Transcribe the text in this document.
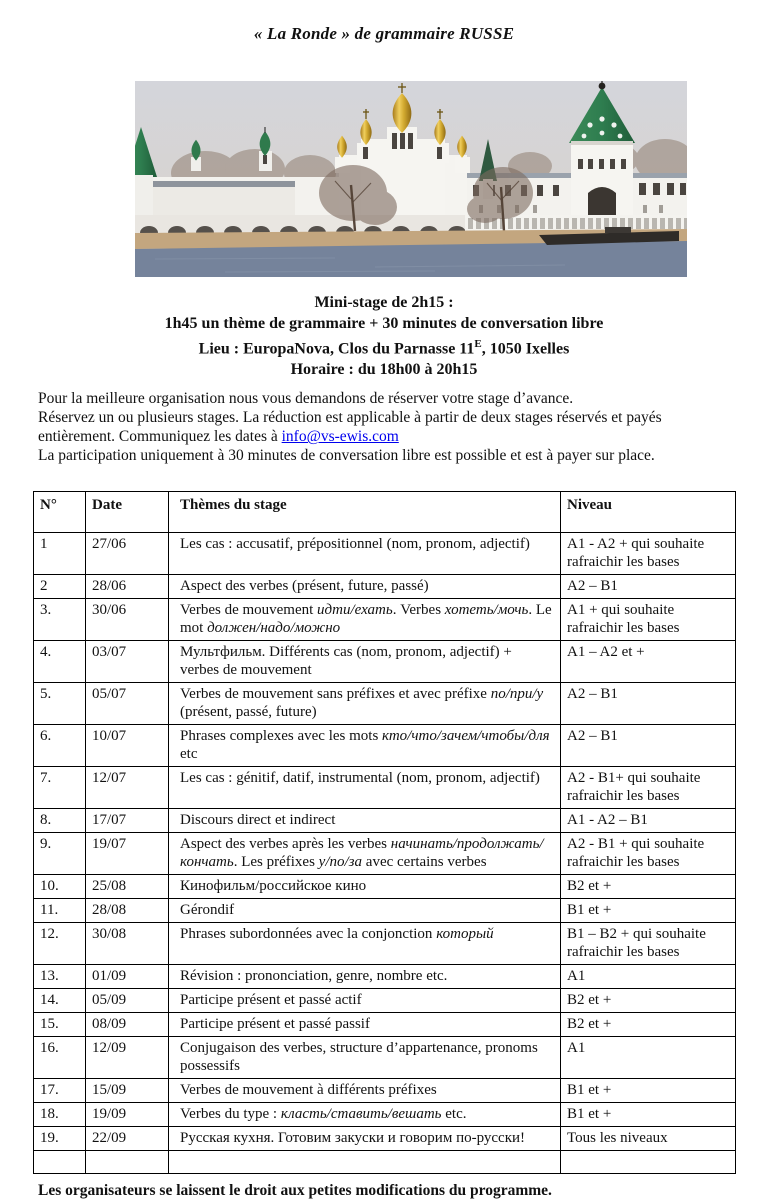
« La Ronde » de grammaire RUSSE
Mini-stage de 2h15 :
1h45 un thème de grammaire + 30 minutes de conversation libre
Lieu : EuropaNova, Clos du Parnasse $11^E$, 1050 Ixelles
Horaire : du 18h00 à 20h15
Pour la meilleure organisation nous vous demandons de réserver votre stage d’avance.
Réservez un ou plusieurs stages. La réduction est applicable à partir de deux stages réservés et payés entièrement. Communiquez les dates à info@vs-ewis.com
La participation uniquement à 30 minutes de conversation libre est possible et est à payer sur place.
N°	Date	Thèmes du stage	Niveau
1	27/06	Les cas : accusatif, prépositionnel (nom, pronom, adjectif)	A1 - A2 + qui souhaite rafraichir les bases
2	28/06	Aspect des verbes (présent, future, passé)	A2 – B1
3.	30/06	Verbes de mouvement идти/ехать. Verbes хотеть/мочь. Le mot должен/надо/можно	A1 + qui souhaite rafraichir les bases
4.	03/07	Мультфильм. Différents cas (nom, pronom, adjectif) + verbes de mouvement	A1 – A2 et +
5.	05/07	Verbes de mouvement sans préfixes et avec préfixe по/при/у (présent, passé, future)	A2 – B1
6.	10/07	Phrases complexes avec les mots кто/что/зачем/чтобы/для etc	A2 – B1
7.	12/07	Les cas : génitif, datif, instrumental (nom, pronom, adjectif)	A2 - B1+ qui souhaite rafraichir les bases
8.	17/07	Discours direct et indirect	A1 - A2 – B1
9.	19/07	Aspect des verbes après les verbes начинать/продолжать/кончать. Les préfixes у/по/за avec certains verbes	A2 - B1 + qui souhaite rafraichir les bases
10.	25/08	Кинофильм/российское кино	B2 et +
11.	28/08	Gérondif	B1 et +
12.	30/08	Phrases subordonnées avec la conjonction который	B1 – B2 + qui souhaite rafraichir les bases
13.	01/09	Révision : prononciation, genre, nombre etc.	A1
14.	05/09	Participe présent et passé actif	B2 et +
15.	08/09	Participe présent et passé passif	B2 et +
16.	12/09	Conjugaison des verbes, structure d’appartenance, pronoms possessifs	A1
17.	15/09	Verbes de mouvement à différents préfixes	B1 et +
18.	19/09	Verbes du type : класть/ставить/вешать etc.	B1 et +
19.	22/09	Русская кухня. Готовим закуски и говорим по-русски!	Tous les niveaux

Les organisateurs se laissent le droit aux petites modifications du programme.
